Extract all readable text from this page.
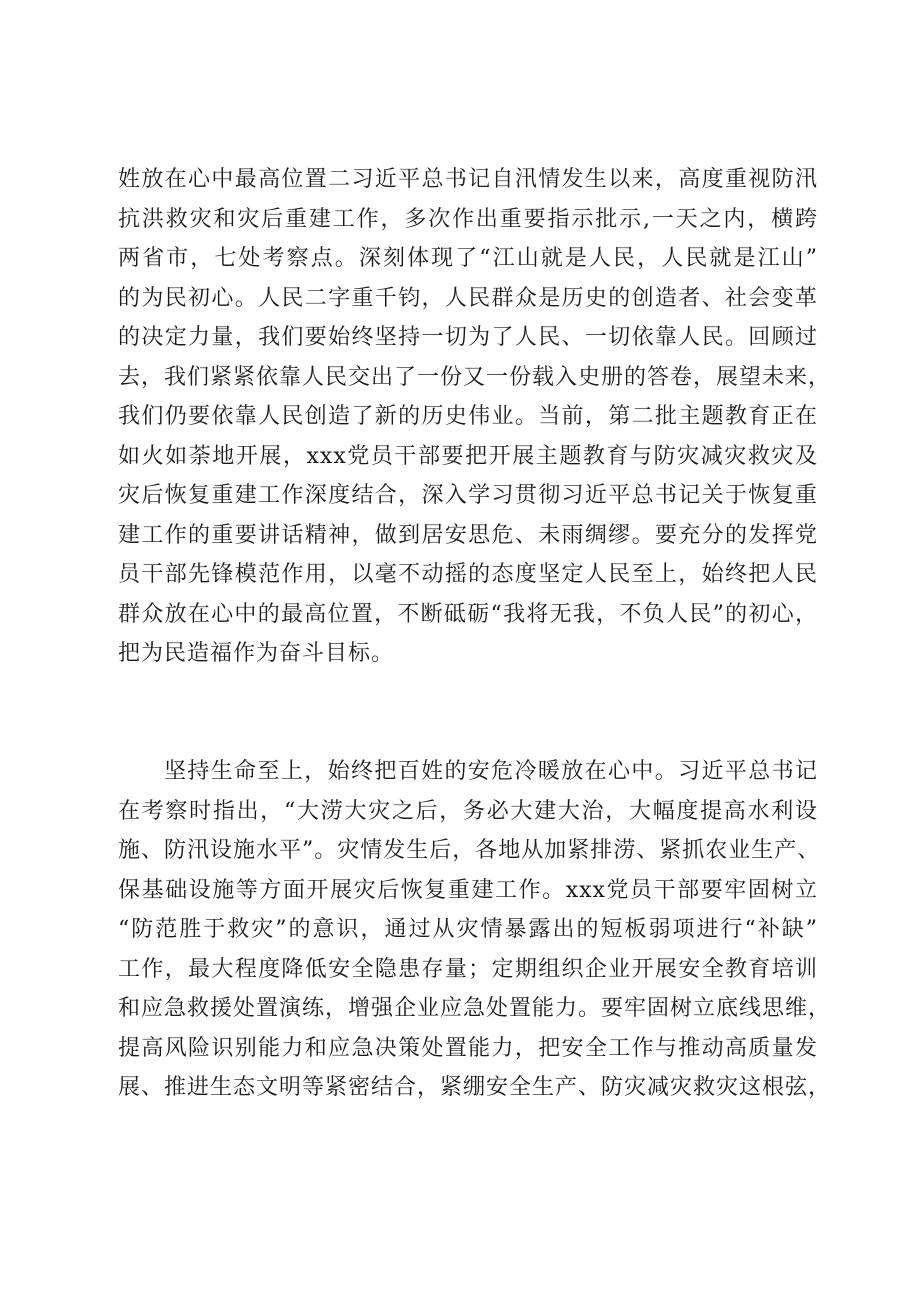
姓放在心中最高位置二习近平总书记自汛情发生以来，高度重视防汛
抗洪救灾和灾后重建工作，多次作出重要指示批示,一天之内，横跨
两省市，七处考察点。深刻体现了“江山就是人民，人民就是江山”
的为民初心。人民二字重千钧，人民群众是历史的创造者、社会变革
的决定力量，我们要始终坚持一切为了人民、一切依靠人民。回顾过
去，我们紧紧依靠人民交出了一份又一份载入史册的答卷，展望未来，
我们仍要依靠人民创造了新的历史伟业。当前，第二批主题教育正在
如火如荼地开展，xxx党员干部要把开展主题教育与防灾减灾救灾及
灾后恢复重建工作深度结合，深入学习贯彻习近平总书记关于恢复重
建工作的重要讲话精神，做到居安思危、未雨绸缪。要充分的发挥党
员干部先锋模范作用，以毫不动摇的态度坚定人民至上，始终把人民
群众放在心中的最高位置，不断砥砺“我将无我，不负人民”的初心，
把为民造福作为奋斗目标。
坚持生命至上，始终把百姓的安危冷暖放在心中。习近平总书记
在考察时指出，“大涝大灾之后，务必大建大治，大幅度提高水利设
施、防汛设施水平”。灾情发生后，各地从加紧排涝、紧抓农业生产、
保基础设施等方面开展灾后恢复重建工作。xxx党员干部要牢固树立
“防范胜于救灾”的意识，通过从灾情暴露出的短板弱项进行“补缺”
工作，最大程度降低安全隐患存量；定期组织企业开展安全教育培训
和应急救援处置演练，增强企业应急处置能力。要牢固树立底线思维，
提高风险识别能力和应急决策处置能力，把安全工作与推动高质量发
展、推进生态文明等紧密结合，紧绷安全生产、防灾减灾救灾这根弦，
